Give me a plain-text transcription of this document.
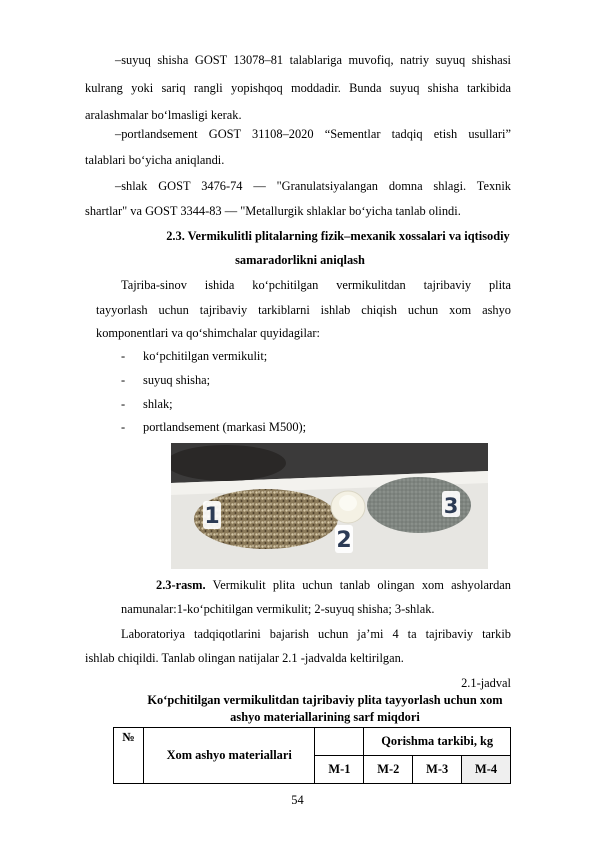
–suyuq shisha GOST 13078–81 talablariga muvofiq, natriy suyuq shishasi
kulrang yoki sariq rangli yopishqoq moddadir. Bunda suyuq shisha tarkibida
aralashmalar bo‘lmasligi kerak.
–portlandsement GOST 31108–2020 “Sementlar tadqiq etish usullari”
talablari bo‘yicha aniqlandi.
–shlak GOST 3476-74 — "Granulatsiyalangan domna shlagi. Texnik
shartlar" va GOST 3344-83 — "Metallurgik shlaklar bo‘yicha tanlab olindi.
2.3. Vermikulitli plitalarning fizik–mexanik xossalari va iqtisodiy
samaradorlikni aniqlash
Tajriba-sinov ishida ko‘pchitilgan vermikulitdan tajribaviy plita
tayyorlash uchun tajribaviy tarkiblarni ishlab chiqish uchun xom ashyo
komponentlari va qo‘shimchalar quyidagilar:
- ko‘pchitilgan vermikulit;
- suyuq shisha;
- shlak;
- portlandsement (markasi M500);
1
2
3
2.3-rasm. Vermikulit plita uchun tanlab olingan xom ashyolardan
namunalar:1-ko‘pchitilgan vermikulit; 2-suyuq shisha; 3-shlak.
Laboratoriya tadqiqotlarini bajarish uchun ja’mi 4 ta tajribaviy tarkib
ishlab chiqildi. Tanlab olingan natijalar 2.1 -jadvalda keltirilgan.
2.1-jadval
Ko‘pchitilgan vermikulitdan tajribaviy plita tayyorlash uchun xom
ashyo materiallarining sarf miqdori
№	Xom ashyo materiallari		Qorishma tarkibi, kg		
		M-1	M-2	M-3	M-4
54
